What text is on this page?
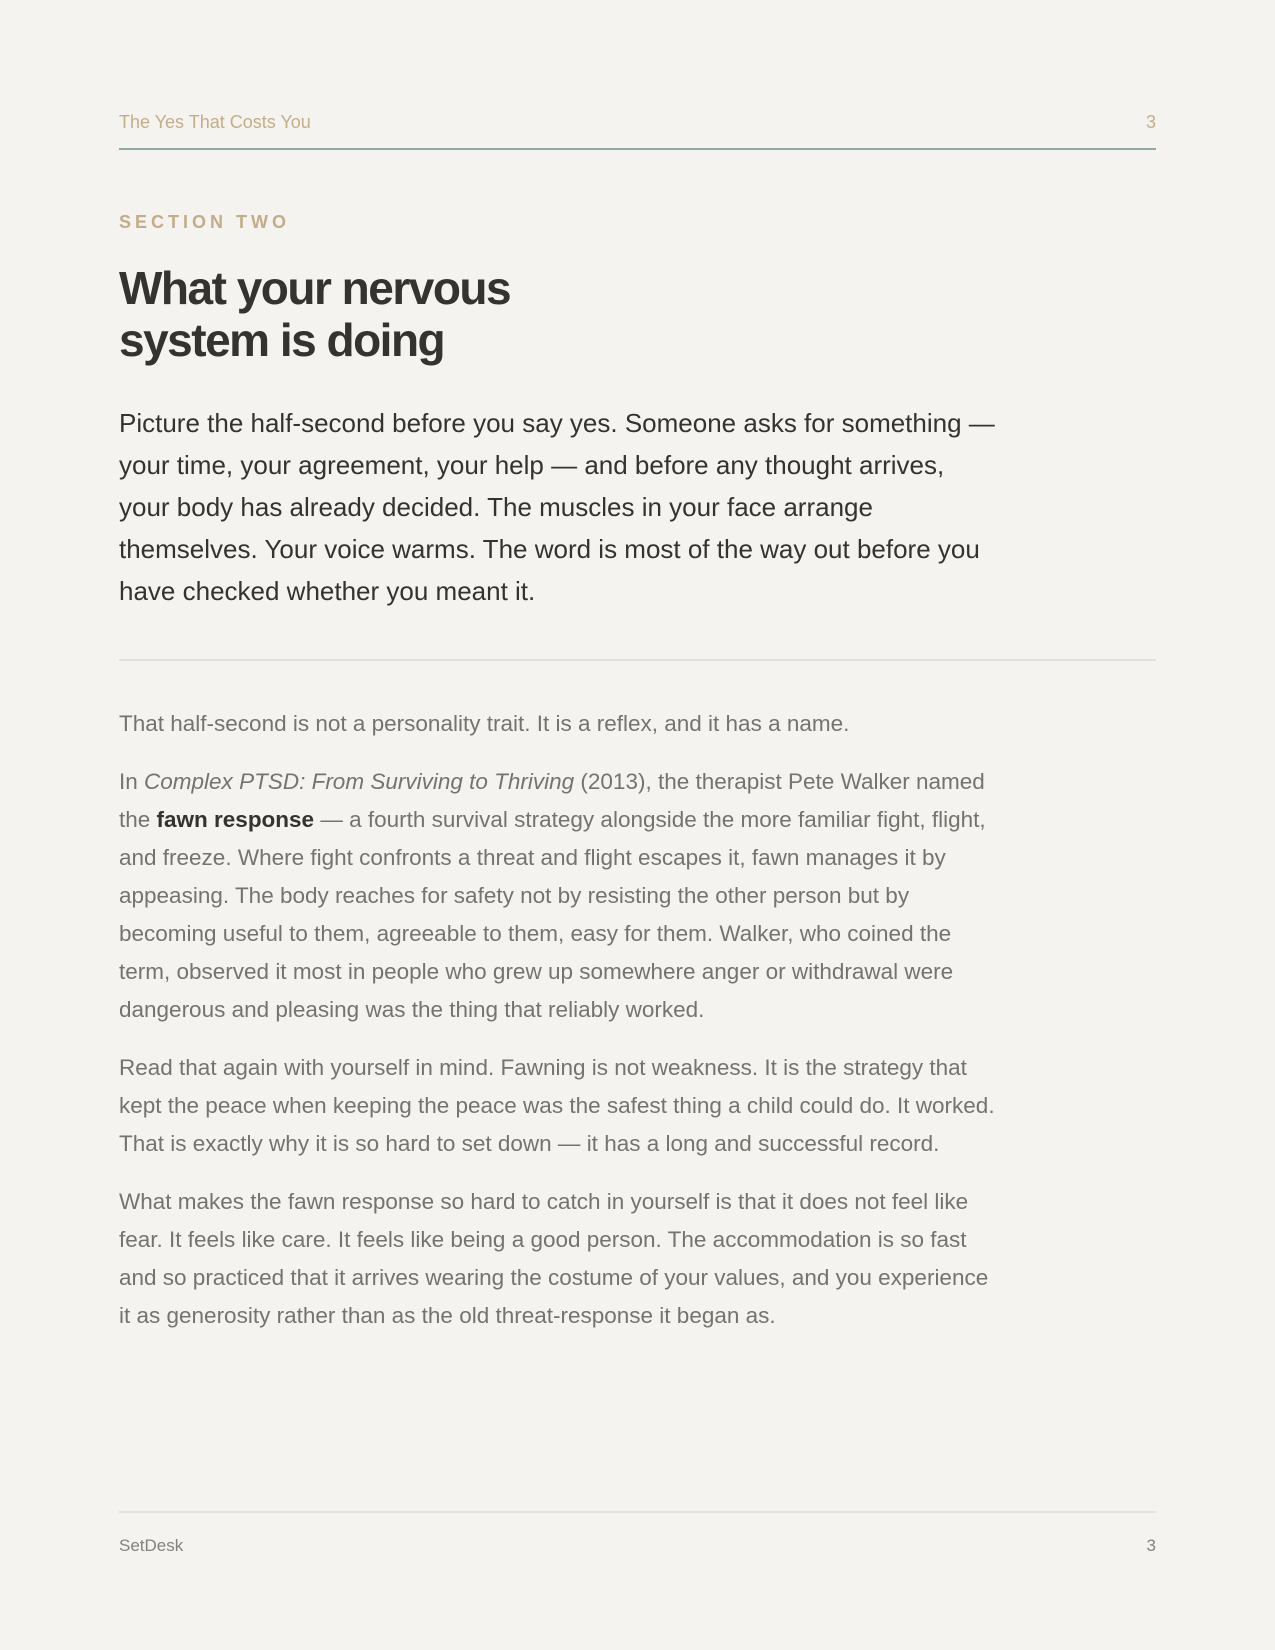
The Yes That Costs You	3
SECTION TWO
What your nervous
system is doing

Picture the half-second before you say yes. Someone asks for something — your time, your agreement, your help — and before any thought arrives, your body has already decided. The muscles in your face arrange themselves. Your voice warms. The word is most of the way out before you have checked whether you meant it.

That half-second is not a personality trait. It is a reflex, and it has a name.

In Complex PTSD: From Surviving to Thriving (2013), the therapist Pete Walker named the fawn response — a fourth survival strategy alongside the more familiar fight, flight, and freeze. Where fight confronts a threat and flight escapes it, fawn manages it by appeasing. The body reaches for safety not by resisting the other person but by becoming useful to them, agreeable to them, easy for them. Walker, who coined the term, observed it most in people who grew up somewhere anger or withdrawal were dangerous and pleasing was the thing that reliably worked.

Read that again with yourself in mind. Fawning is not weakness. It is the strategy that kept the peace when keeping the peace was the safest thing a child could do. It worked. That is exactly why it is so hard to set down — it has a long and successful record.

What makes the fawn response so hard to catch in yourself is that it does not feel like fear. It feels like care. It feels like being a good person. The accommodation is so fast and so practiced that it arrives wearing the costume of your values, and you experience it as generosity rather than as the old threat-response it began as.

SetDesk	3
